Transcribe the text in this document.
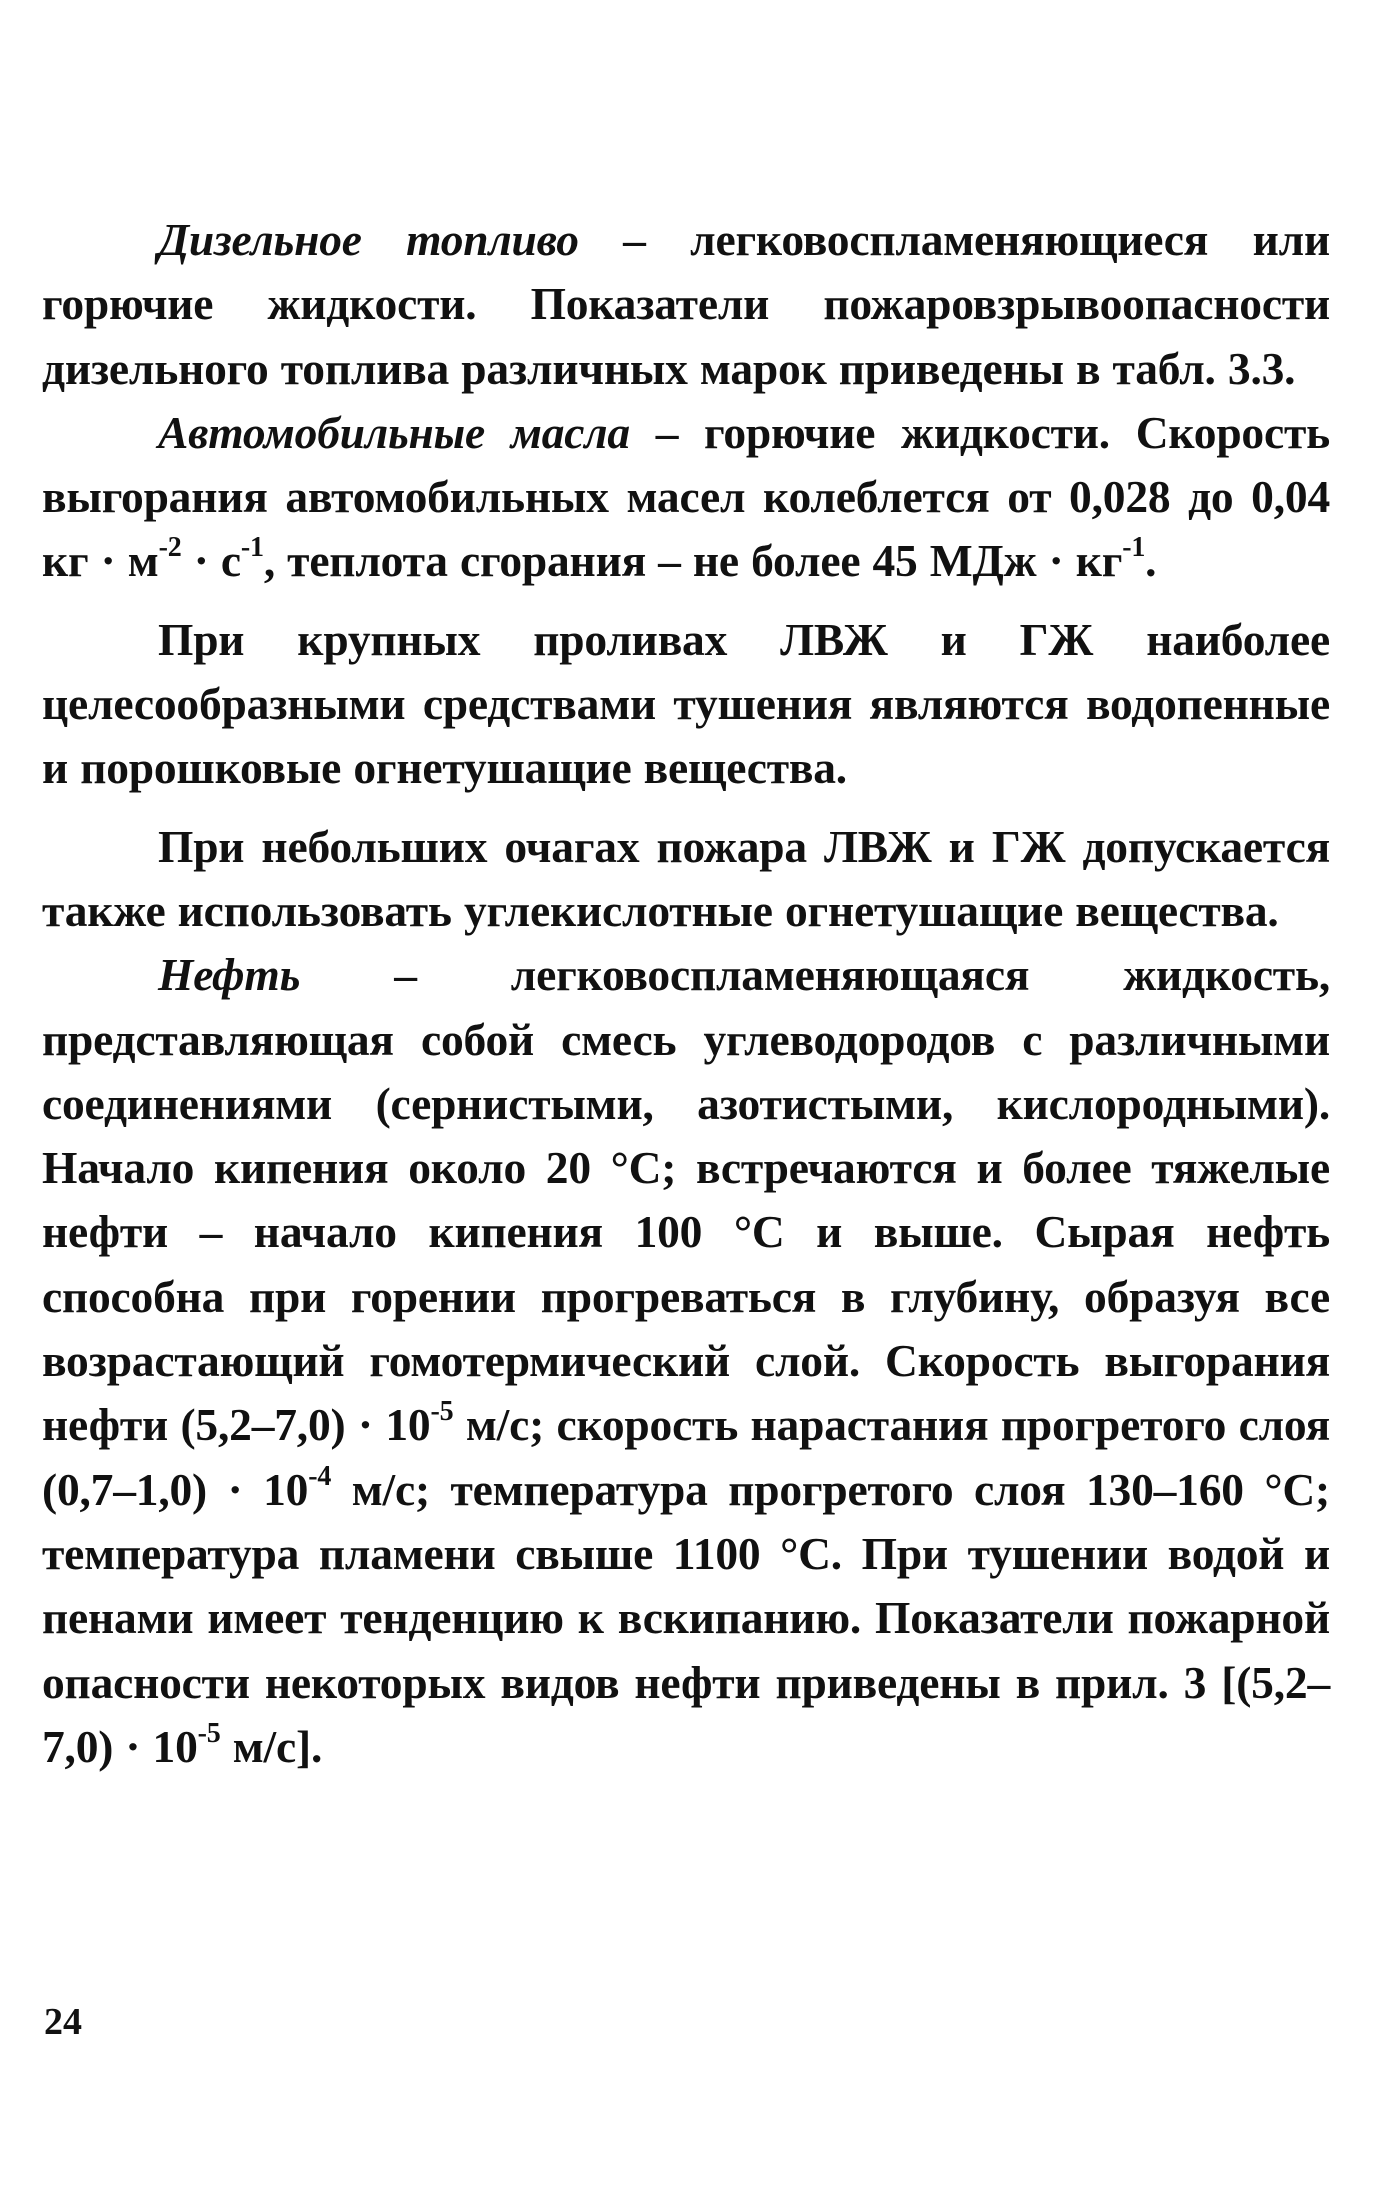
Дизельное топливо – легковоспламеняющиеся или горючие жидкости. Показатели пожаровзрывоопасности дизельного топлива различных марок приведены в табл. 3.3.

Автомобильные масла – горючие жидкости. Скорость выгорания автомобильных масел колеблется от 0,028 до 0,04 кг · $м^{-2} \cdot с^{-1}$, теплота сгорания – не более 45 МДж · $кг^{-1}$.

При крупных проливах ЛВЖ и ГЖ наиболее целесообразными средствами тушения являются водопенные и порошковые огнетушащие вещества.

При небольших очагах пожара ЛВЖ и ГЖ допускается также использовать углекислотные огнетушащие вещества.

Нефть – легковоспламеняющаяся жидкость, представляющая собой смесь углеводородов с различными соединениями (сернистыми, азотистыми, кислородными). Начало кипения около 20 °С; встречаются и более тяжелые нефти – начало кипения 100 °С и выше. Сырая нефть способна при горении прогреваться в глубину, образуя все возрастающий гомотермический слой. Скорость выгорания нефти $(5,2-7,0) \cdot 10^{-5}$ м/с; скорость нарастания прогретого слоя $(0,7-1,0) \cdot 10^{-4}$ м/с; температура прогретого слоя 130–160 °С; температура пламени свыше 1100 °С. При тушении водой и пенами имеет тенденцию к вскипанию. Показатели пожарной опасности некоторых видов нефти приведены в прил. 3 [$(5,2-7,0) \cdot 10^{-5}$ м/с].

24
